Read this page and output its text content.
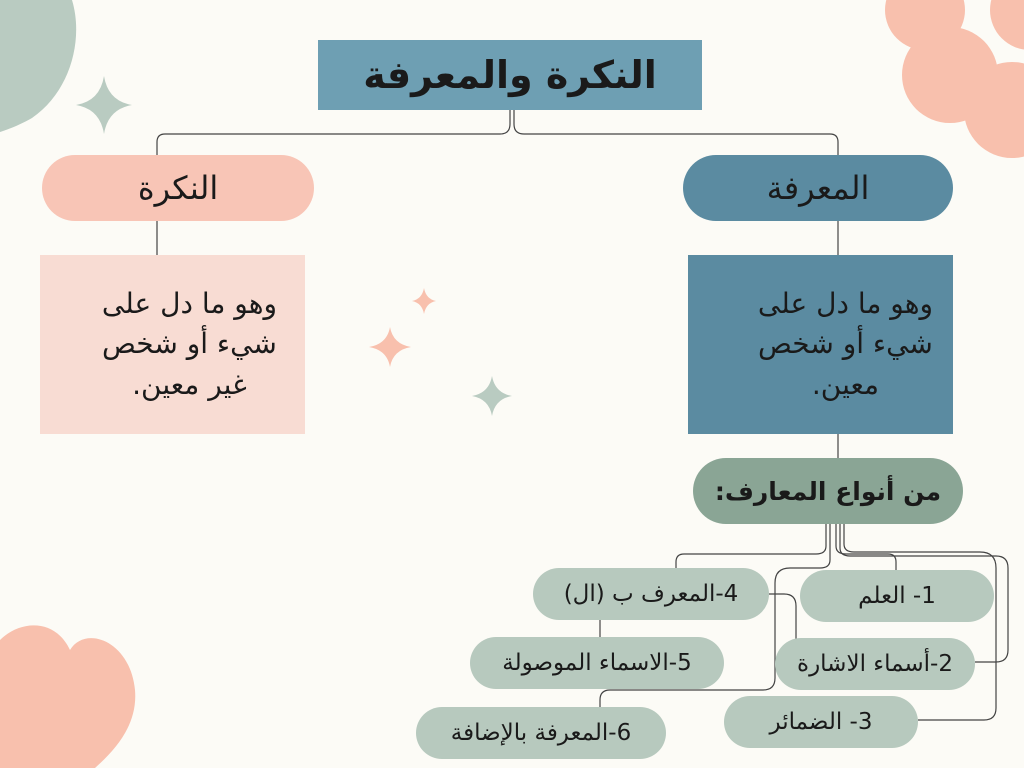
النكرة والمعرفة
النكرة	المعرفة
وهو ما دل على
شيء أو شخص
غير معين.
وهو ما دل على
شيء أو شخص
معين.
من أنواع المعارف:
1- العلم
2-أسماء الاشارة
3- الضمائر
4-المعرف ب (ال)
5-الاسماء الموصولة
6-المعرفة بالإضافة
